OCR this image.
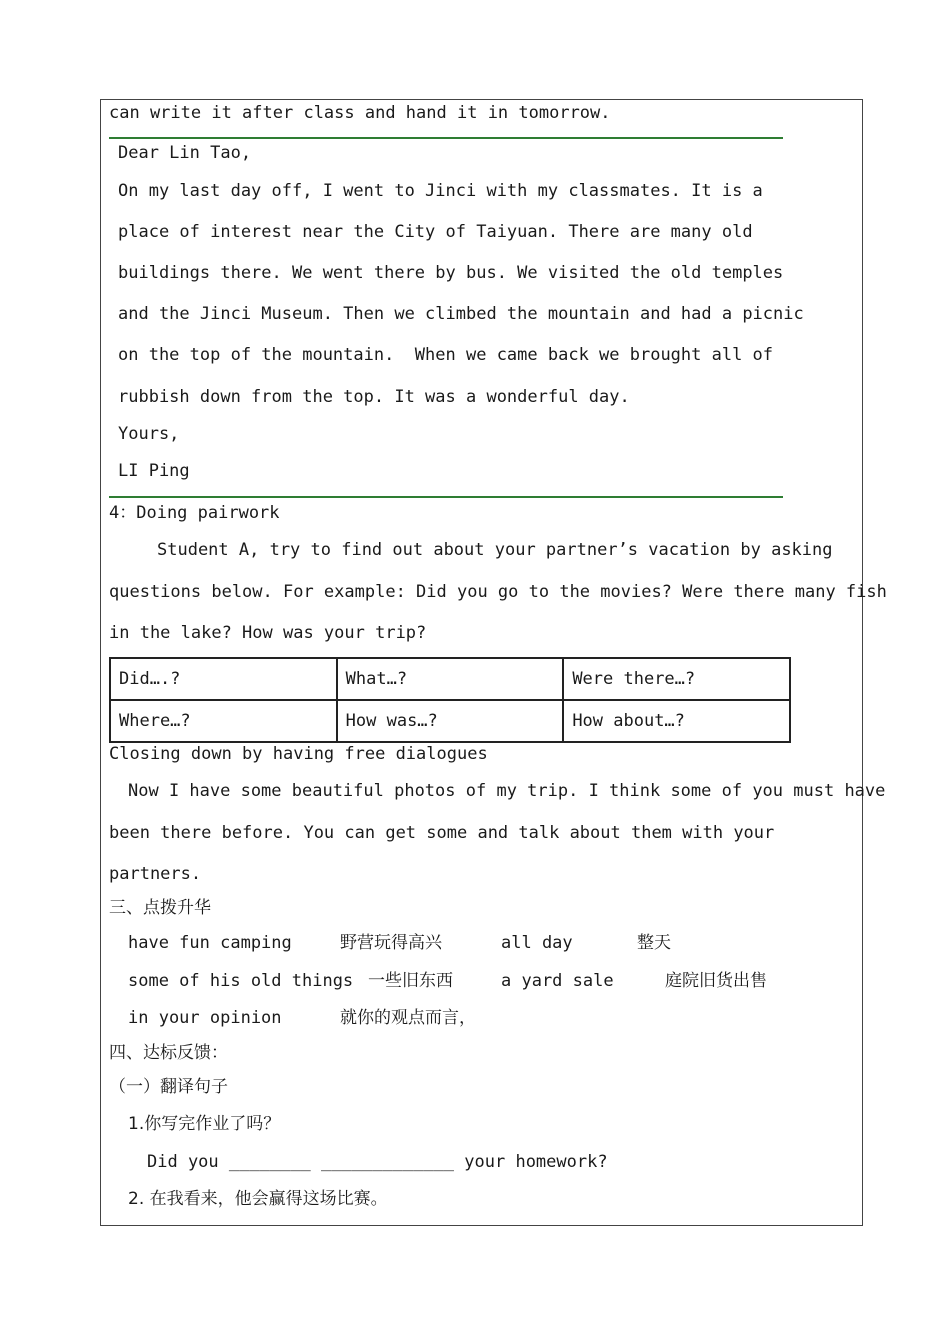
can write it after class and hand it in tomorrow.
Dear Lin Tao,
On my last day off, I went to Jinci with my classmates. It is a
place of interest near the City of Taiyuan. There are many old
buildings there. We went there by bus. We visited the old temples
and the Jinci Museum. Then we climbed the mountain and had a picnic
on the top of the mountain.  When we came back we brought all of
rubbish down from the top. It was a wonderful day.
Yours,
LI Ping
4：Doing pairwork
Student A, try to find out about your partner’s vacation by asking
questions below. For example: Did you go to the movies? Were there many fish
in the lake? How was your trip?
Did….?	What…?	Were there…?
Where…?	How was…?	How about…?
Closing down by having free dialogues
Now I have some beautiful photos of my trip. I think some of you must have
been there before. You can get some and talk about them with your
partners.
三、点拨升华
have fun camping	野营玩得高兴	all day	整天
some of his old things 一些旧东西	a yard sale	庭院旧货出售
in your opinion	就你的观点而言，
四、达标反馈：
（一）翻译句子
1.你写完作业了吗？
Did you ________ _____________ your homework?
2. 在我看来，他会赢得这场比赛。
